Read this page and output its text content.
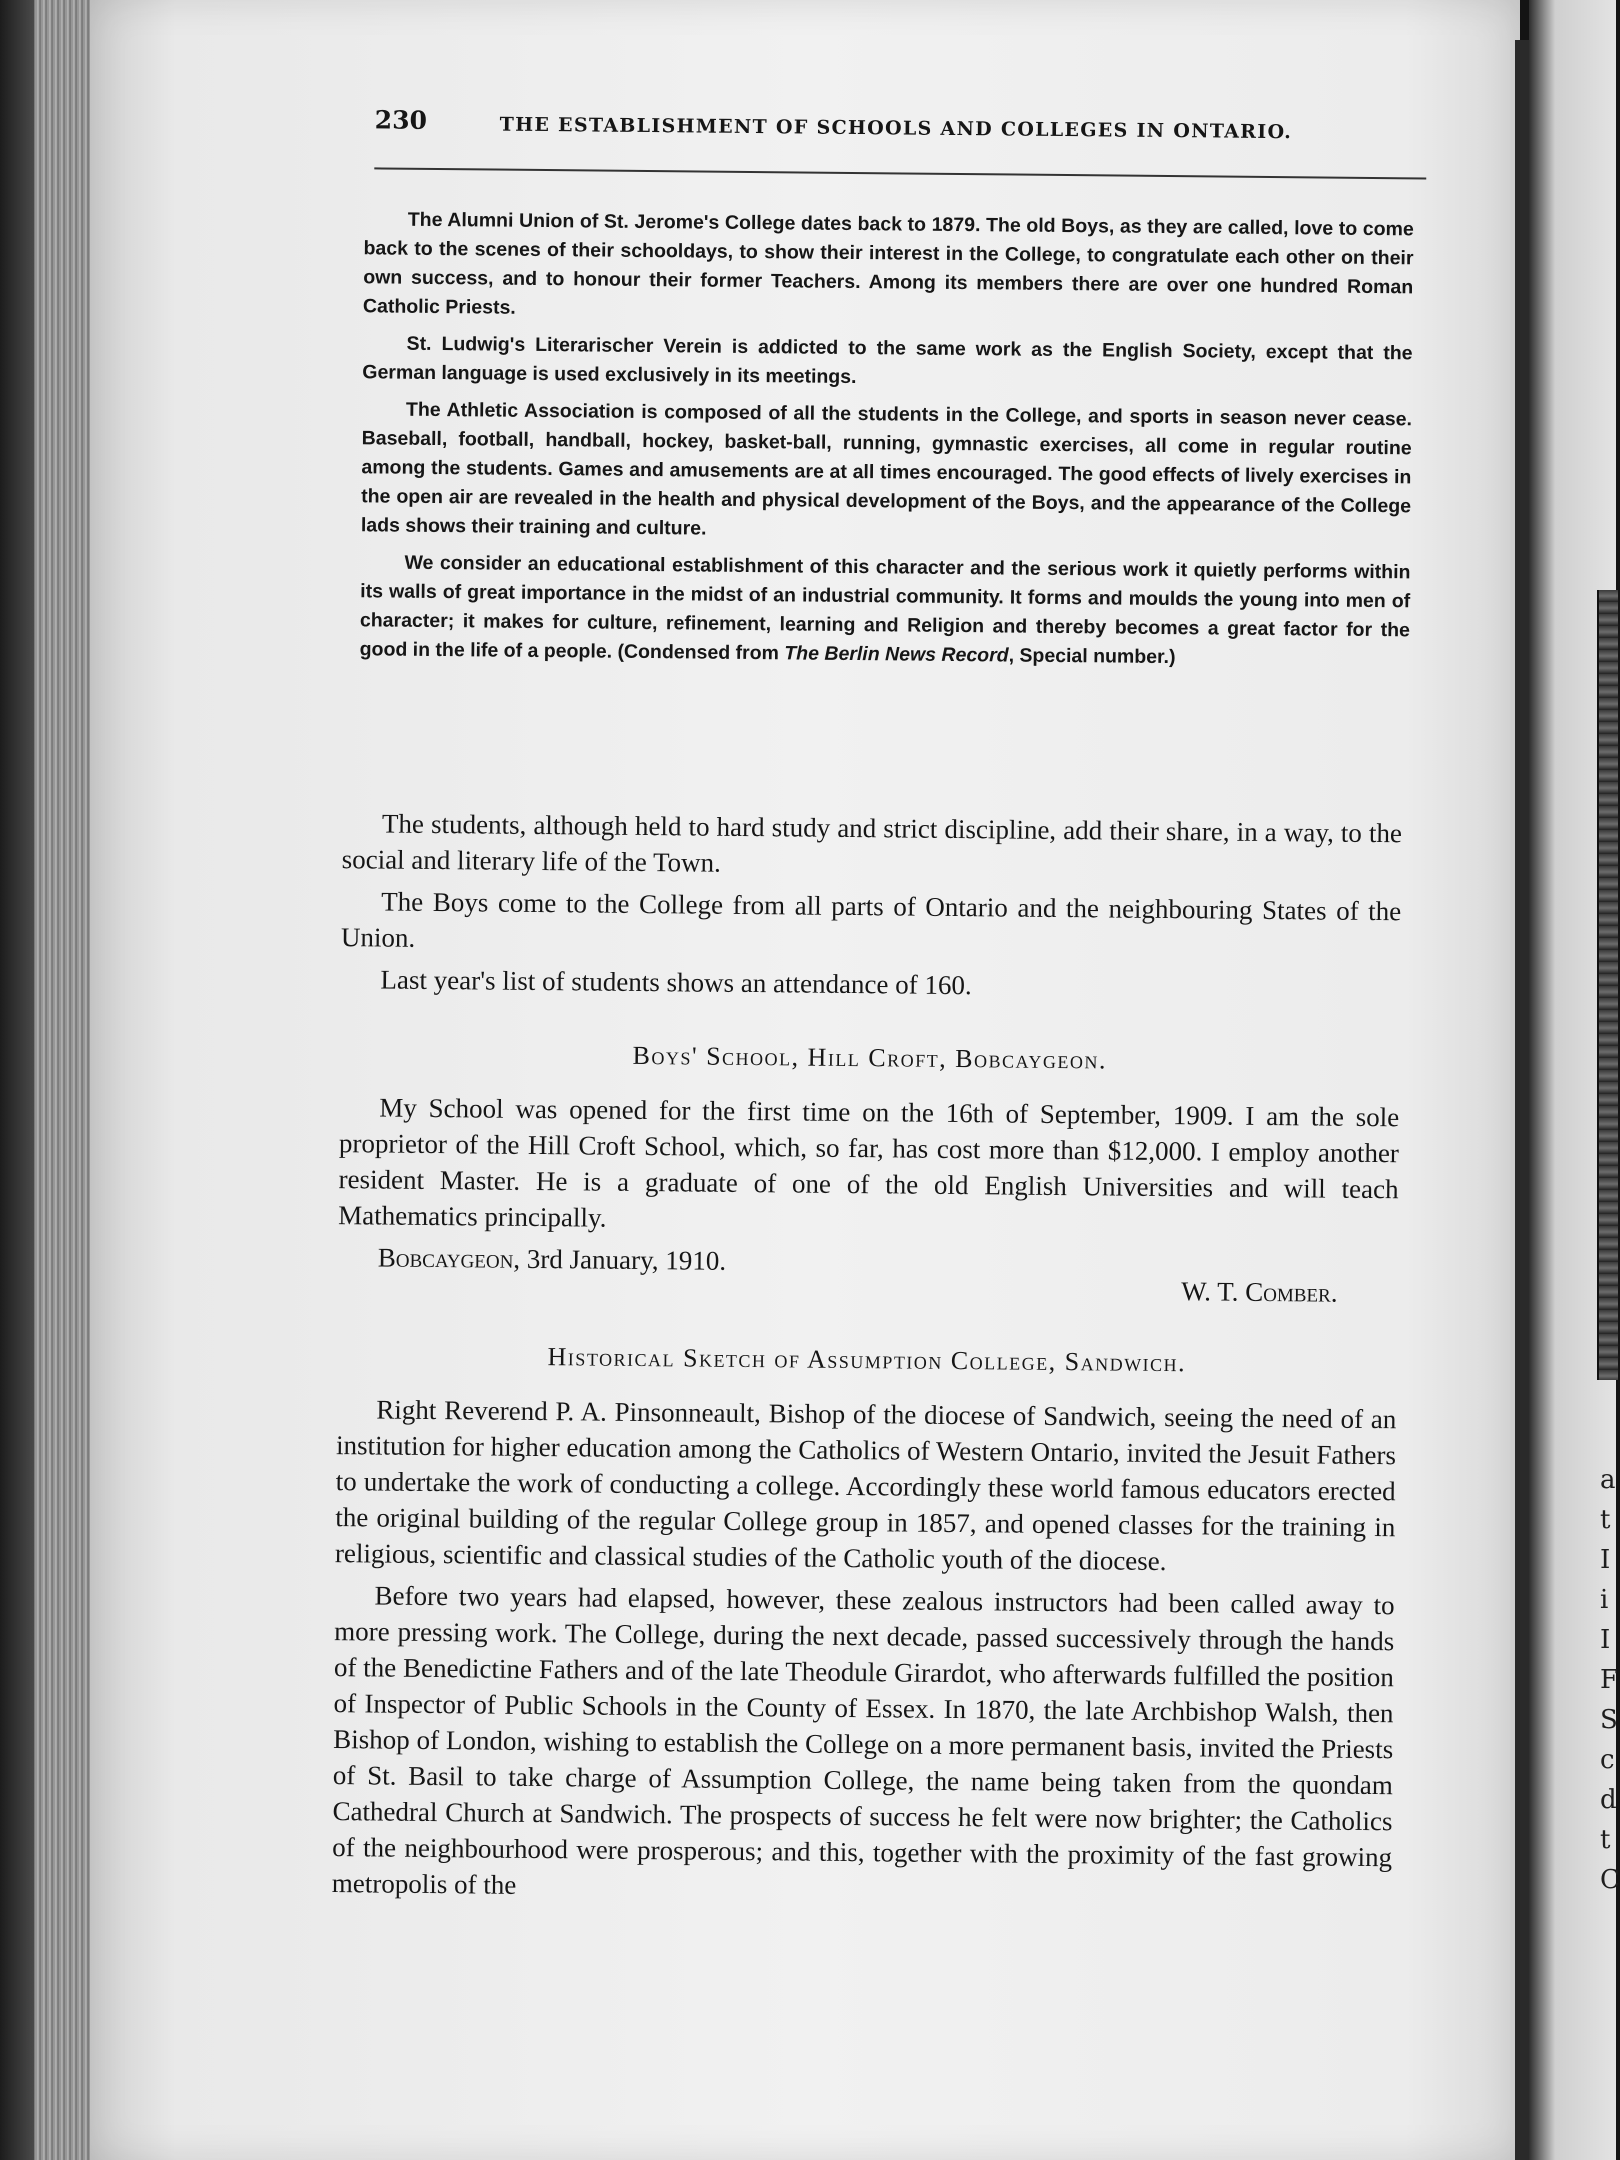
a
t
I
i
I
F
S
c
d
t
C
230	THE ESTABLISHMENT OF SCHOOLS AND COLLEGES IN ONTARIO.

The Alumni Union of St. Jerome's College dates back to 1879. The old Boys, as they are called, love to come back to the scenes of their schooldays, to show their interest in the College, to congratulate each other on their own success, and to honour their former Teachers. Among its members there are over one hundred Roman Catholic Priests.

St. Ludwig's Literarischer Verein is addicted to the same work as the English Society, except that the German language is used exclusively in its meetings.

The Athletic Association is composed of all the students in the College, and sports in season never cease. Baseball, football, handball, hockey, basket-ball, running, gymnastic exercises, all come in regular routine among the students. Games and amusements are at all times encouraged. The good effects of lively exercises in the open air are revealed in the health and physical development of the Boys, and the appearance of the College lads shows their training and culture.

We consider an educational establishment of this character and the serious work it quietly performs within its walls of great importance in the midst of an industrial community. It forms and moulds the young into men of character; it makes for culture, refinement, learning and Religion and thereby becomes a great factor for the good in the life of a people. (Condensed from The Berlin News Record, Special number.)

The students, although held to hard study and strict discipline, add their share, in a way, to the social and literary life of the Town.

The Boys come to the College from all parts of Ontario and the neighbouring States of the Union.

Last year's list of students shows an attendance of 160.

Boys' School, Hill Croft, Bobcaygeon.

My School was opened for the first time on the 16th of September, 1909. I am the sole proprietor of the Hill Croft School, which, so far, has cost more than $12,000. I employ another resident Master. He is a graduate of one of the old English Universities and will teach Mathematics principally.

Bobcaygeon, 3rd January, 1910.
W. T. Comber.
Historical Sketch of Assumption College, Sandwich.

Right Reverend P. A. Pinsonneault, Bishop of the diocese of Sandwich, seeing the need of an institution for higher education among the Catholics of Western Ontario, invited the Jesuit Fathers to undertake the work of conducting a college. Accordingly these world famous educators erected the original building of the regular College group in 1857, and opened classes for the training in religious, scientific and classical studies of the Catholic youth of the diocese.

Before two years had elapsed, however, these zealous instructors had been called away to more pressing work. The College, during the next decade, passed successively through the hands of the Benedictine Fathers and of the late Theodule Girardot, who afterwards fulfilled the position of Inspector of Public Schools in the County of Essex. In 1870, the late Archbishop Walsh, then Bishop of London, wishing to establish the College on a more permanent basis, invited the Priests of St. Basil to take charge of Assumption College, the name being taken from the quondam Cathedral Church at Sandwich. The prospects of success he felt were now brighter; the Catholics of the neighbourhood were prosperous; and this, together with the proximity of the fast growing metropolis of the
